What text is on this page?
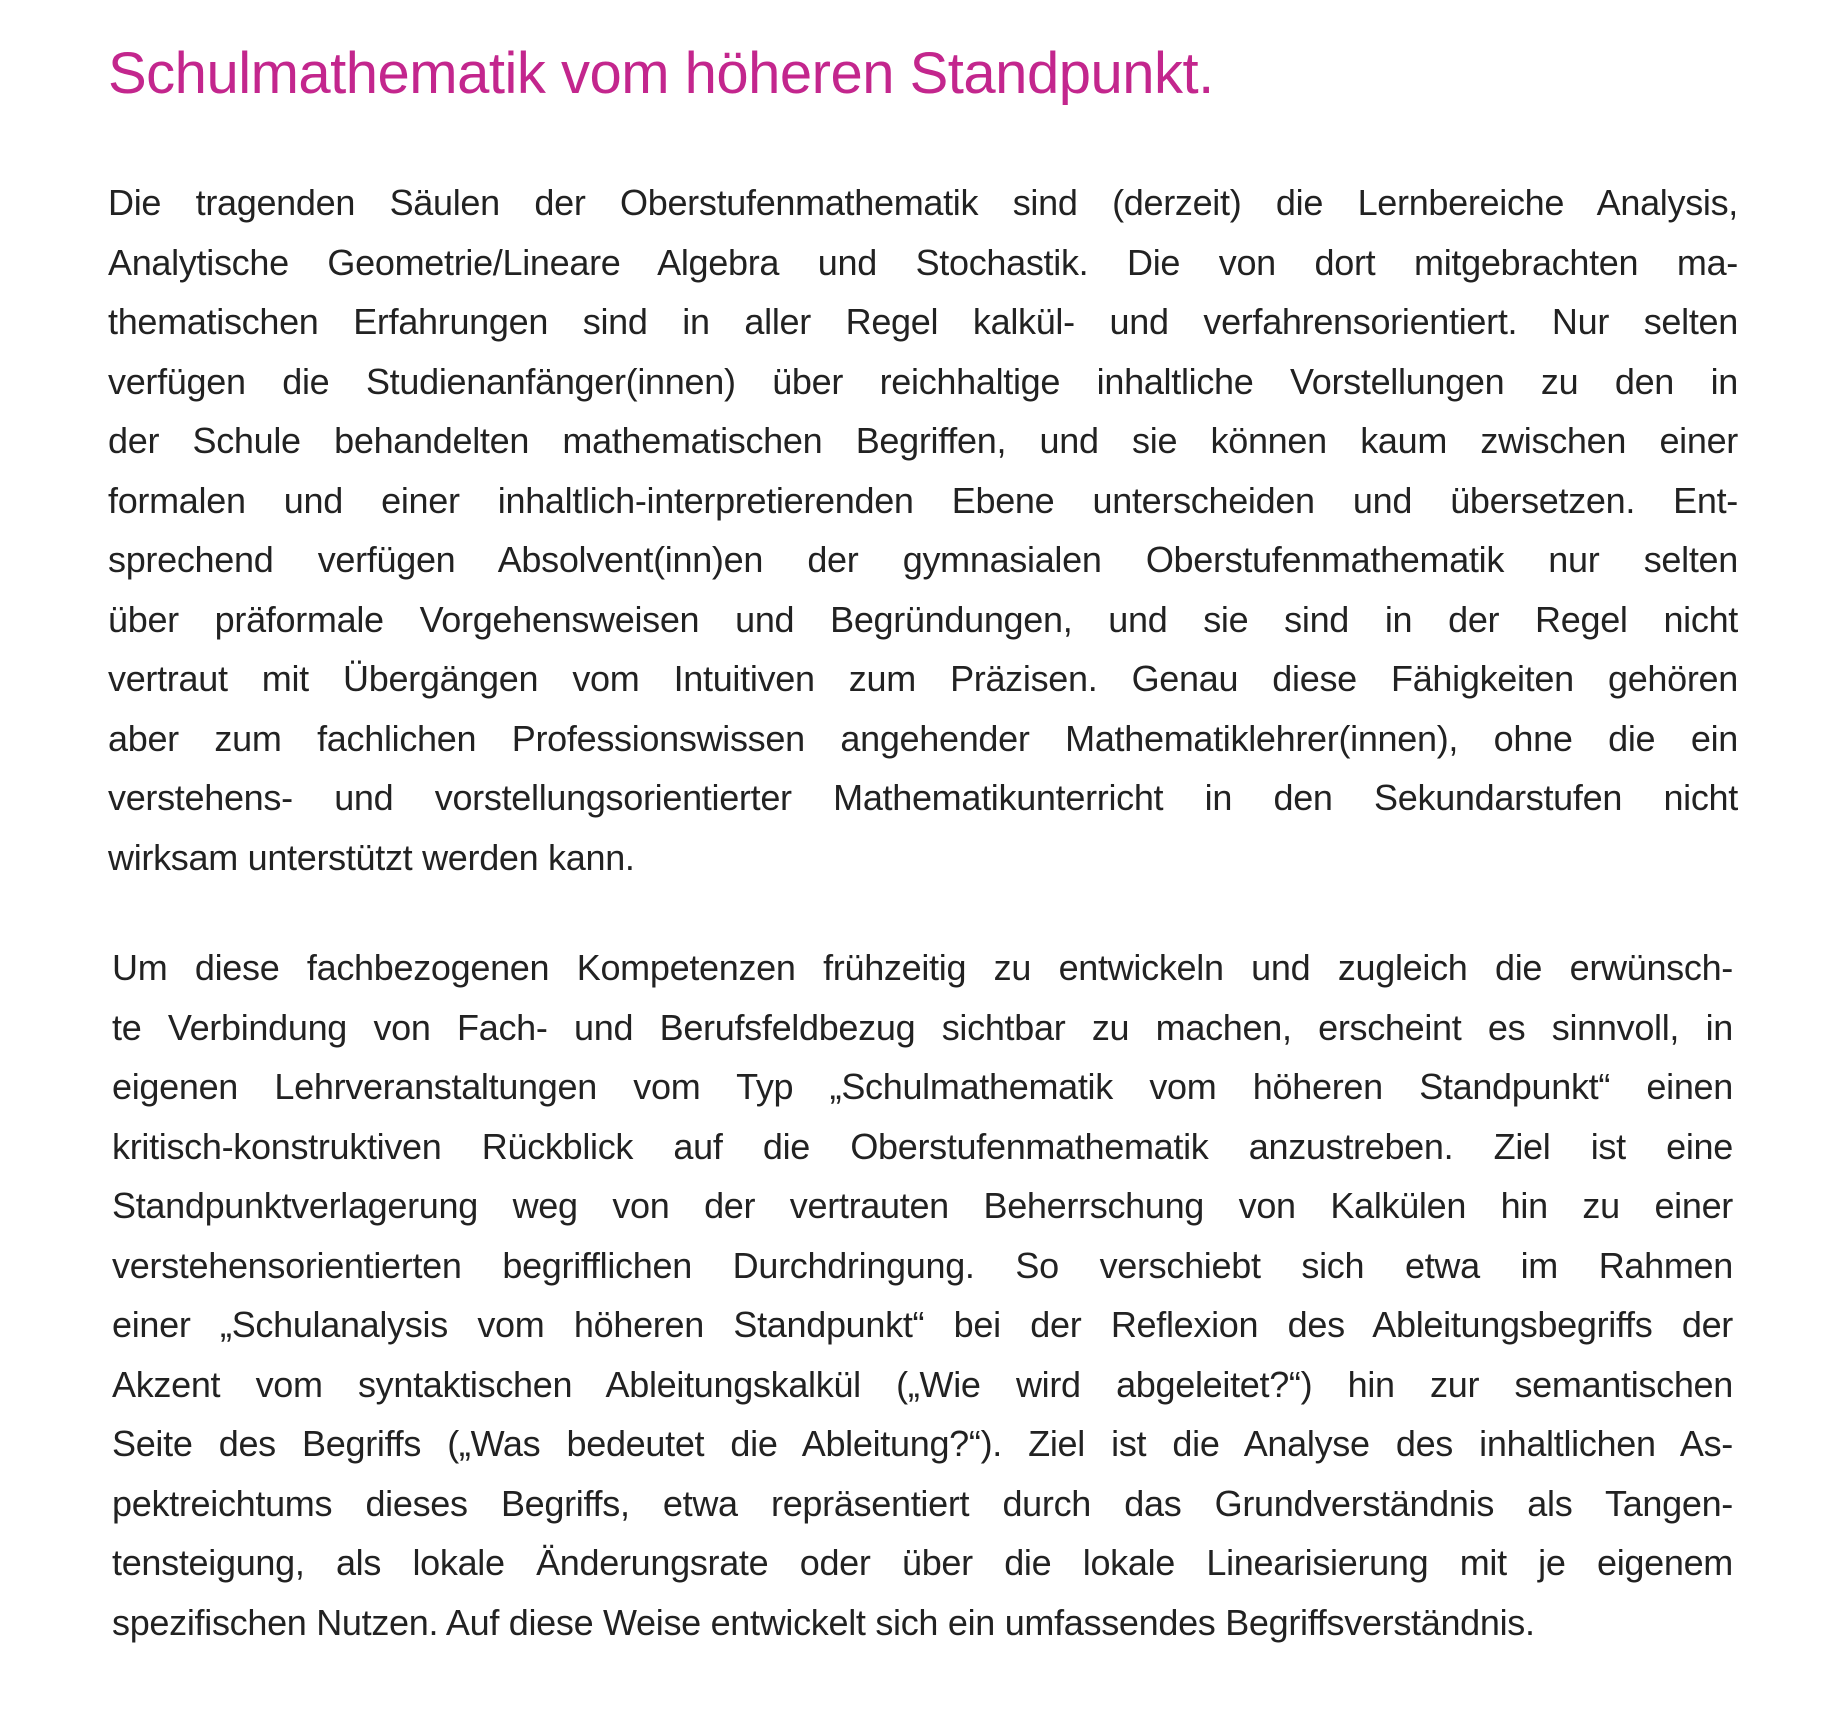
Schulmathematik vom höheren Standpunkt.

Die tragenden Säulen der Oberstufenmathematik sind (derzeit) die Lernbereiche Analysis,
Analytische Geometrie/Lineare Algebra und Stochastik. Die von dort mitgebrachten ma-
thematischen Erfahrungen sind in aller Regel kalkül- und verfahrensorientiert. Nur selten
verfügen die Studienanfänger(innen) über reichhaltige inhaltliche Vorstellungen zu den in
der Schule behandelten mathematischen Begriffen, und sie können kaum zwischen einer
formalen und einer inhaltlich-interpretierenden Ebene unterscheiden und übersetzen. Ent-
sprechend verfügen Absolvent(inn)en der gymnasialen Oberstufenmathematik nur selten
über präformale Vorgehensweisen und Begründungen, und sie sind in der Regel nicht
vertraut mit Übergängen vom Intuitiven zum Präzisen. Genau diese Fähigkeiten gehören
aber zum fachlichen Professionswissen angehender Mathematiklehrer(innen), ohne die ein
verstehens- und vorstellungsorientierter Mathematikunterricht in den Sekundarstufen nicht
wirksam unterstützt werden kann.

Um diese fachbezogenen Kompetenzen frühzeitig zu entwickeln und zugleich die erwünsch-
te Verbindung von Fach- und Berufsfeldbezug sichtbar zu machen, erscheint es sinnvoll, in
eigenen Lehrveranstaltungen vom Typ „Schulmathematik vom höheren Standpunkt“ einen
kritisch-konstruktiven Rückblick auf die Oberstufenmathematik anzustreben. Ziel ist eine
Standpunktverlagerung weg von der vertrauten Beherrschung von Kalkülen hin zu einer
verstehensorientierten begrifflichen Durchdringung. So verschiebt sich etwa im Rahmen
einer „Schulanalysis vom höheren Standpunkt“ bei der Reflexion des Ableitungsbegriffs der
Akzent vom syntaktischen Ableitungskalkül („Wie wird abgeleitet?“) hin zur semantischen
Seite des Begriffs („Was bedeutet die Ableitung?“). Ziel ist die Analyse des inhaltlichen As-
pektreichtums dieses Begriffs, etwa repräsentiert durch das Grundverständnis als Tangen-
tensteigung, als lokale Änderungsrate oder über die lokale Linearisierung mit je eigenem
spezifischen Nutzen. Auf diese Weise entwickelt sich ein umfassendes Begriffsverständnis.
